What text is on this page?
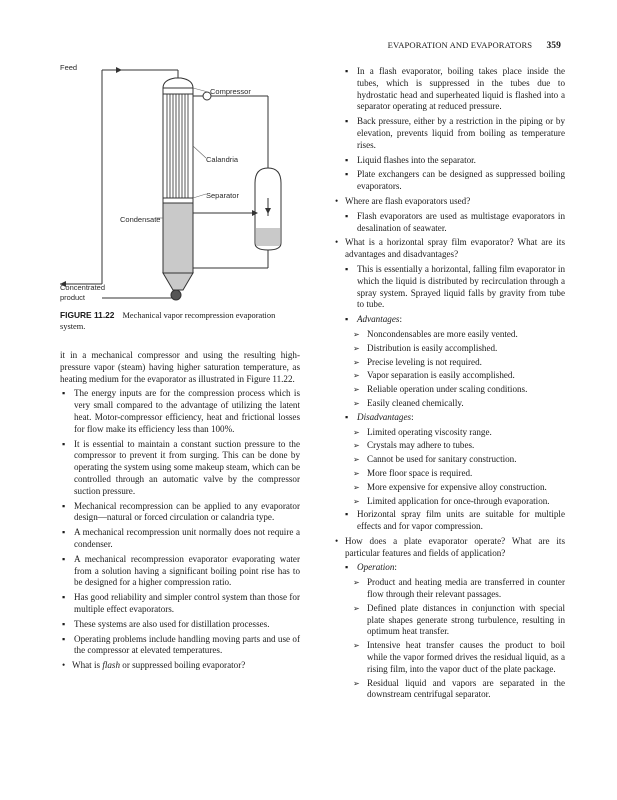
EVAPORATION AND EVAPORATORS 359
Feed
Compressor
Calandria
Separator
Condensate
Concentrated
product
FIGURE 11.22 Mechanical vapor recompression evaporation system.
it in a mechanical compressor and using the resulting high-pressure vapor (steam) having higher saturation temperature, as heating medium for the evaporator as illustrated in Figure 11.22.
▪ The energy inputs are for the compression process which is very small compared to the advantage of utilizing the latent heat. Motor-compressor efficiency, heat and frictional losses for flow make its efficiency less than 100%.
▪ It is essential to maintain a constant suction pressure to the compressor to prevent it from surging. This can be done by operating the system using some makeup steam, which can be controlled through an automatic valve by the compressor suction pressure.
▪ Mechanical recompression can be applied to any evaporator design—natural or forced circulation or calandria type.
▪ A mechanical recompression unit normally does not require a condenser.
▪ A mechanical recompression evaporator evaporating water from a solution having a significant boiling point rise has to be designed for a higher compression ratio.
▪ Has good reliability and simpler control system than those for multiple effect evaporators.
▪ These systems are also used for distillation processes.
▪ Operating problems include handling moving parts and use of the compressor at elevated temperatures.
• What is flash or suppressed boiling evaporator?
▪ In a flash evaporator, boiling takes place inside the tubes, which is suppressed in the tubes due to hydrostatic head and superheated liquid is flashed into a separator operating at reduced pressure.
▪ Back pressure, either by a restriction in the piping or by elevation, prevents liquid from boiling as temperature rises.
▪ Liquid flashes into the separator.
▪ Plate exchangers can be designed as suppressed boiling evaporators.
• Where are flash evaporators used?
▪ Flash evaporators are used as multistage evaporators in desalination of seawater.
• What is a horizontal spray film evaporator? What are its advantages and disadvantages?
▪ This is essentially a horizontal, falling film evaporator in which the liquid is distributed by recirculation through a spray system. Sprayed liquid falls by gravity from tube to tube.
▪ Advantages:
➢ Noncondensables are more easily vented.
➢ Distribution is easily accomplished.
➢ Precise leveling is not required.
➢ Vapor separation is easily accomplished.
➢ Reliable operation under scaling conditions.
➢ Easily cleaned chemically.
▪ Disadvantages:
➢ Limited operating viscosity range.
➢ Crystals may adhere to tubes.
➢ Cannot be used for sanitary construction.
➢ More floor space is required.
➢ More expensive for expensive alloy construction.
➢ Limited application for once-through evaporation.
▪ Horizontal spray film units are suitable for multiple effects and for vapor compression.
• How does a plate evaporator operate? What are its particular features and fields of application?
▪ Operation:
➢ Product and heating media are transferred in counter flow through their relevant passages.
➢ Defined plate distances in conjunction with special plate shapes generate strong turbulence, resulting in optimum heat transfer.
➢ Intensive heat transfer causes the product to boil while the vapor formed drives the residual liquid, as a rising film, into the vapor duct of the plate package.
➢ Residual liquid and vapors are separated in the downstream centrifugal separator.
